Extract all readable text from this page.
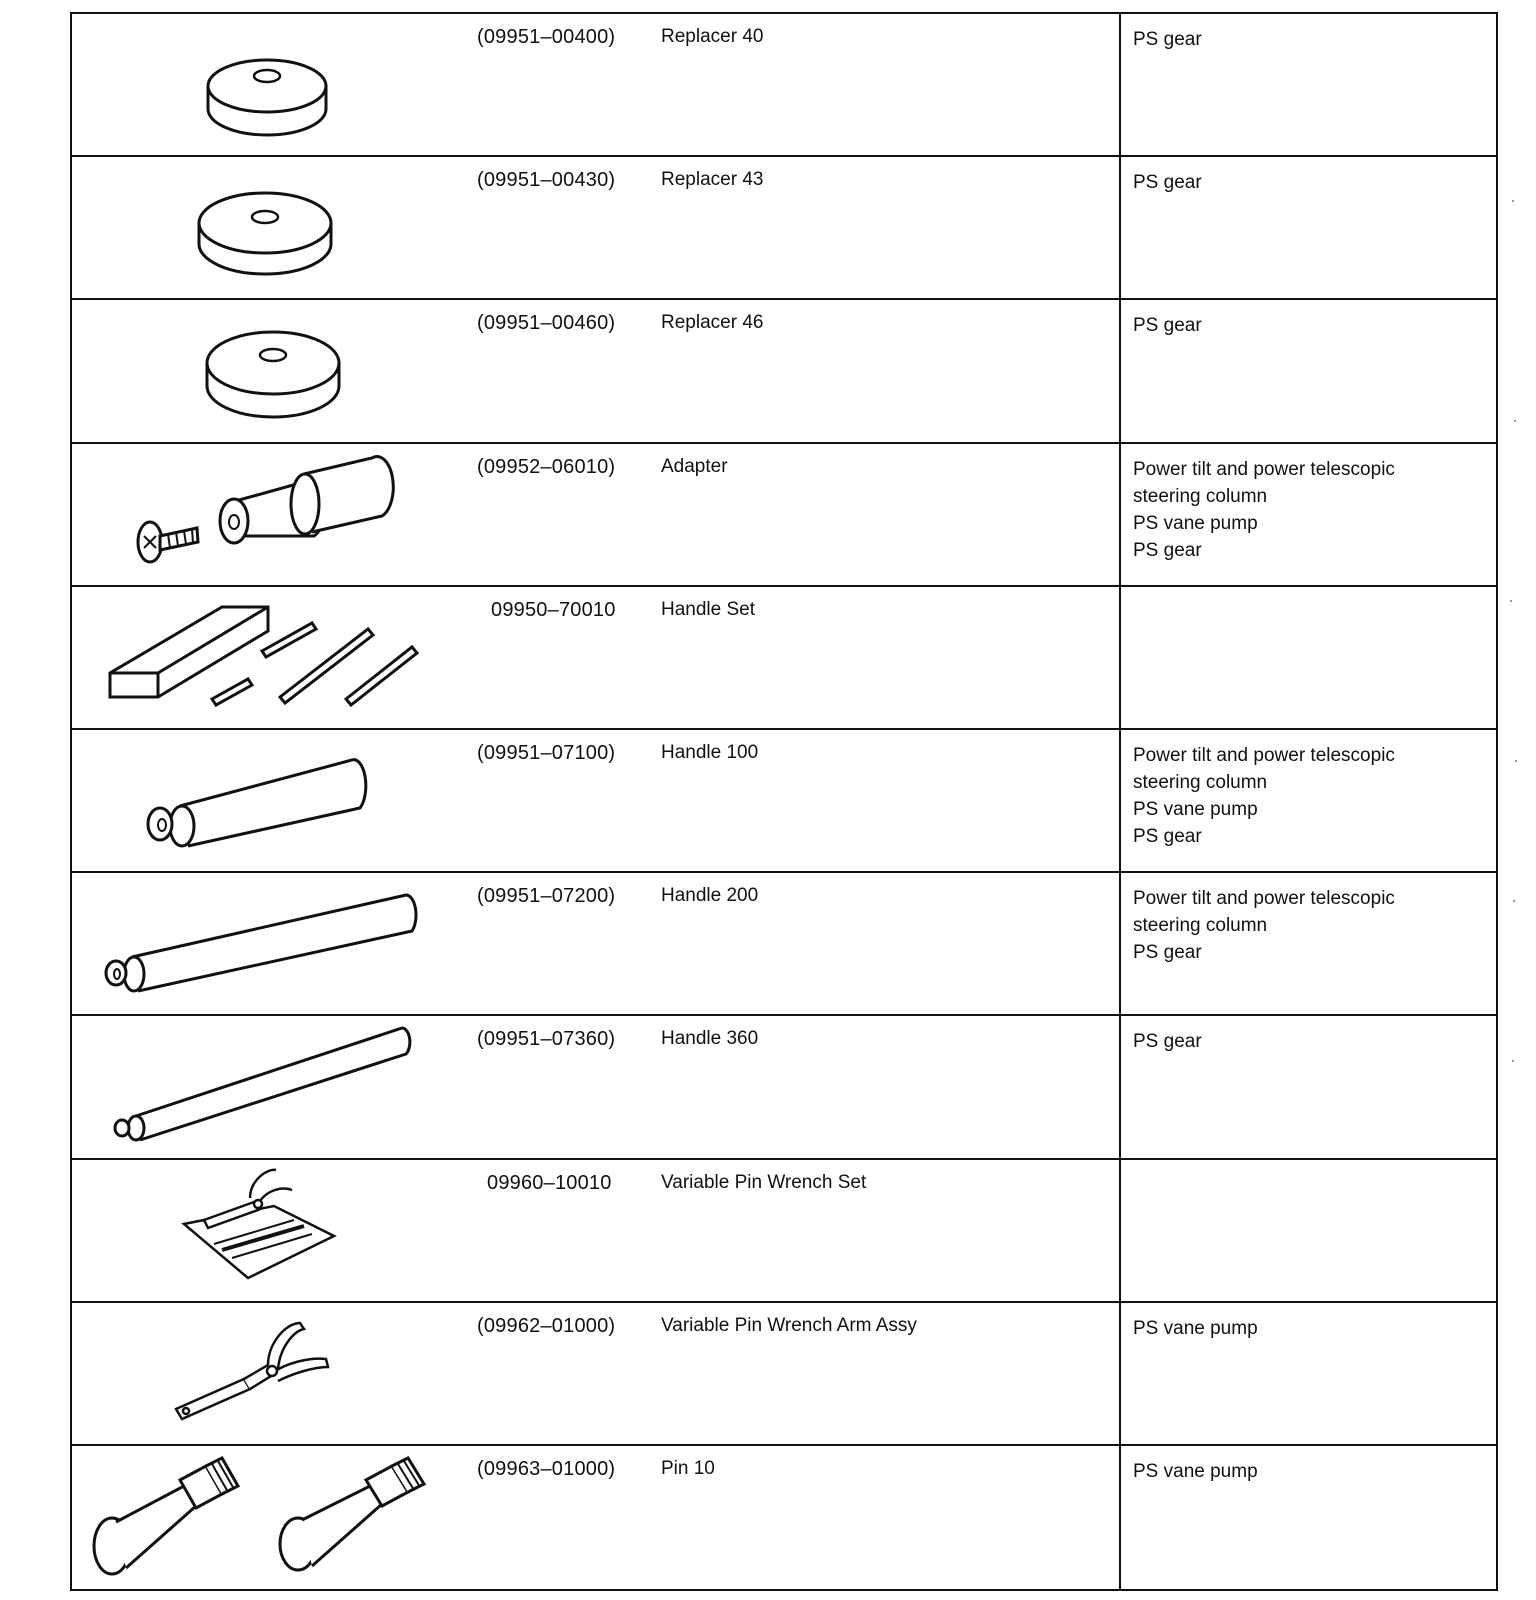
(09951–00400)	Replacer 40	PS gear
(09951–00430)	Replacer 43	PS gear
(09951–00460)	Replacer 46	PS gear
(09952–06010)	Adapter	Power tilt and power telescopic
steering column
PS vane pump
PS gear
09950–70010	Handle Set
(09951–07100)	Handle 100	Power tilt and power telescopic
steering column
PS vane pump
PS gear
(09951–07200)	Handle 200	Power tilt and power telescopic
steering column
PS gear
(09951–07360)	Handle 360	PS gear
09960–10010	Variable Pin Wrench Set
(09962–01000)	Variable Pin Wrench Arm Assy	PS vane pump
(09963–01000)	Pin 10	PS vane pump
